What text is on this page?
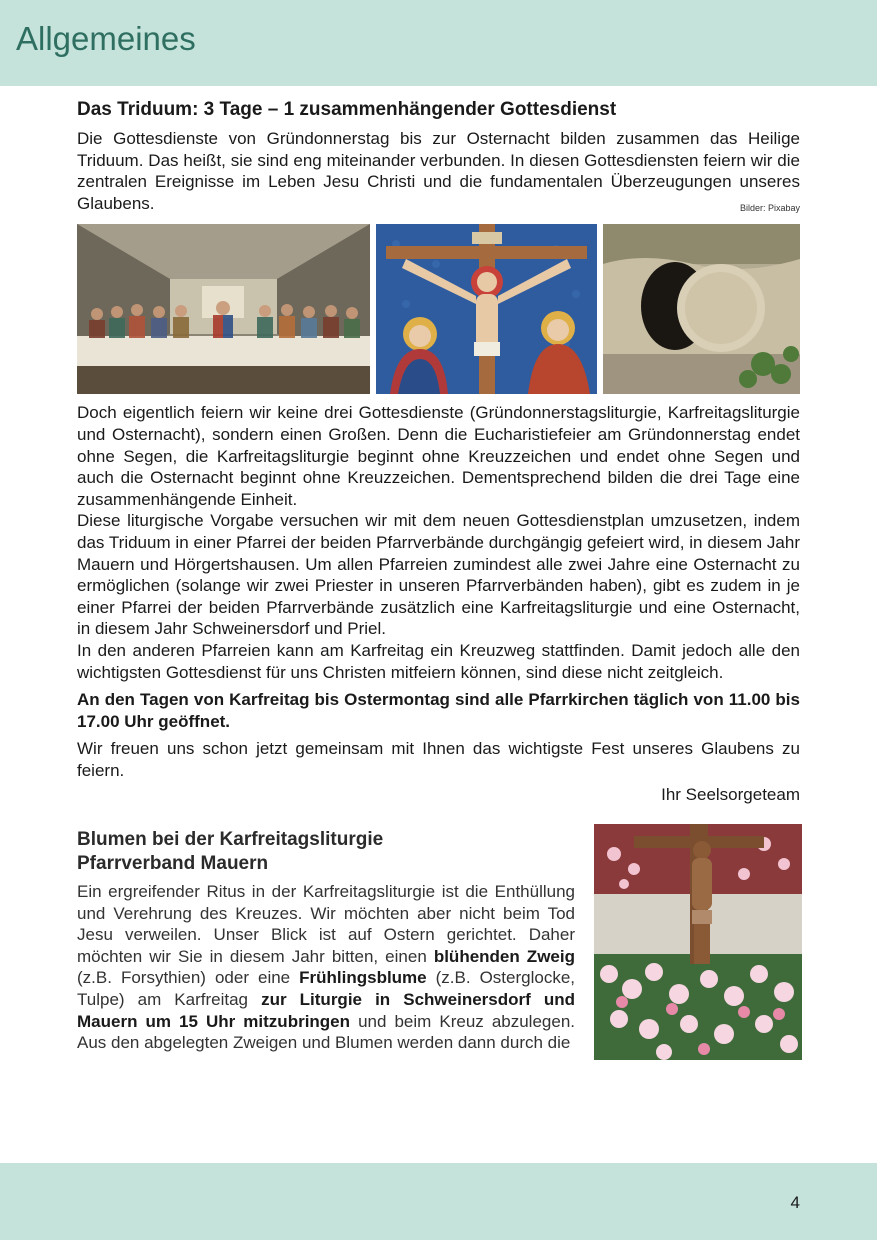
Allgemeines
Das Triduum: 3 Tage – 1 zusammenhängender Gottesdienst

Die Gottesdienste von Gründonnerstag bis zur Osternacht bilden zusammen das Heilige Triduum. Das heißt, sie sind eng miteinander verbunden. In diesen Gottesdiensten feiern wir die zentralen Ereignisse im Leben Jesu Christi und die fundamentalen Überzeugungen unseres Glaubens.	Bilder: Pixabay

Doch eigentlich feiern wir keine drei Gottesdienste (Gründonnerstagsliturgie, Karfreitagsliturgie und Osternacht), sondern einen Großen. Denn die Eucharistiefeier am Gründonnerstag endet ohne Segen, die Karfreitagsliturgie beginnt ohne Kreuzzeichen und endet ohne Segen und auch die Osternacht beginnt ohne Kreuzzeichen. Dementsprechend bilden die drei Tage eine zusammenhängende Einheit.

Diese liturgische Vorgabe versuchen wir mit dem neuen Gottesdienstplan umzusetzen, indem das Triduum in einer Pfarrei der beiden Pfarrverbände durchgängig gefeiert wird, in diesem Jahr Mauern und Hörgertshausen. Um allen Pfarreien zumindest alle zwei Jahre eine Osternacht zu ermöglichen (solange wir zwei Priester in unseren Pfarrverbänden haben), gibt es zudem in je einer Pfarrei der beiden Pfarrverbände zusätzlich eine Karfreitagsliturgie und eine Osternacht, in diesem Jahr Schweinersdorf und Priel.

In den anderen Pfarreien kann am Karfreitag ein Kreuzweg stattfinden. Damit jedoch alle den wichtigsten Gottesdienst für uns Christen mitfeiern können, sind diese nicht zeitgleich.

An den Tagen von Karfreitag bis Ostermontag sind alle Pfarrkirchen täglich von 11.00 bis 17.00 Uhr geöffnet.

Wir freuen uns schon jetzt gemeinsam mit Ihnen das wichtigste Fest unseres Glaubens zu feiern.

Ihr Seelsorgeteam
Blumen bei der Karfreitagsliturgie
Pfarrverband Mauern

Ein ergreifender Ritus in der Karfreitagsliturgie ist die Enthüllung und Verehrung des Kreuzes. Wir möchten aber nicht beim Tod Jesu verweilen. Unser Blick ist auf Ostern gerichtet. Daher möchten wir Sie in diesem Jahr bitten, einen blühenden Zweig (z.B. Forsythien) oder eine Frühlingsblume (z.B. Osterglocke, Tulpe) am Karfreitag zur Liturgie in Schweinersdorf und Mauern um 15 Uhr mitzubringen und beim Kreuz abzulegen. Aus den abgelegten Zweigen und Blumen werden dann durch die

4
